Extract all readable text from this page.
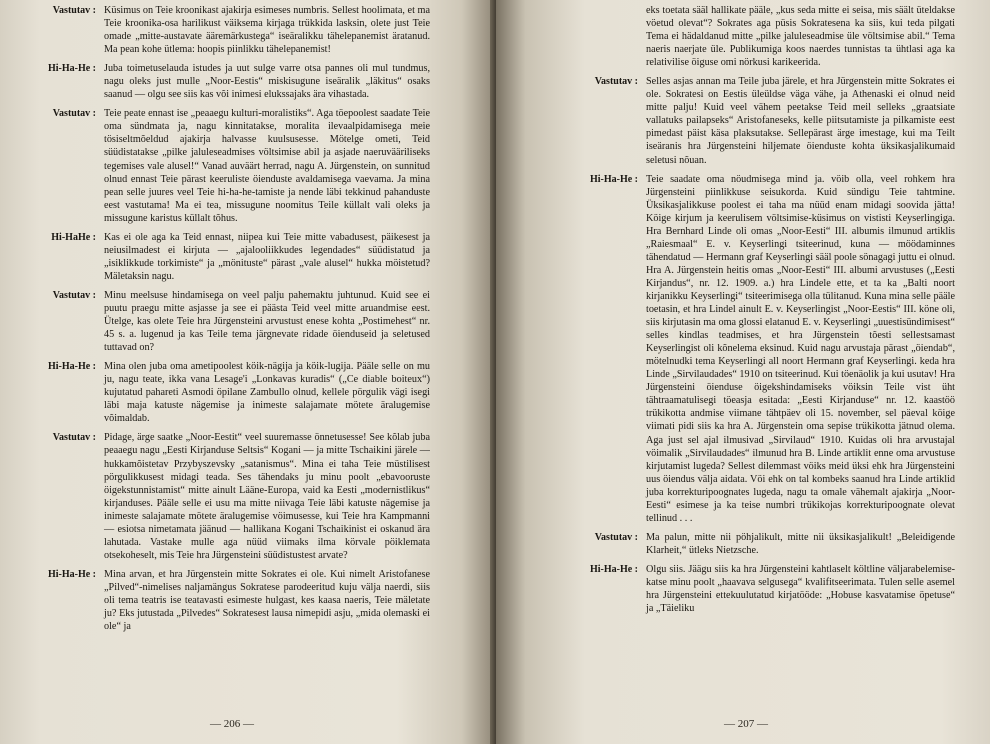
Vastutav : Küsimus on Teie kroonikast ajakirja esimeses numbris. Sellest hoolimata, et ma Teie kroonika-osa harilikust väiksema kirjaga trükkida lasksin, olete just Teie omade „mitte-austavate ääremärkustega“ iseäralikku tähelepanemist äratanud. Ma pean kohe ütlema: hoopis piinlikku tähelepanemist!
Hi-Ha-He : Juba toimetuselauda istudes ja uut sulge varre otsa pannes oli mul tundmus, nagu oleks just mulle „Noor-Eestis“ miskisugune iseäralik „läkitus“ osaks saanud — olgu see siis kas või inimesi elukssajaks ära vihastada.
Vastutav : Teie peate ennast ise „peaaegu kulturi-moralistiks“. Aga töepoolest saadate Teie oma sündmata ja, nagu kinnitatakse, moralita ilevaalpidamisega meie tösiseltmõeldud ajakirja halvasse kuulsusesse. Mötelge ometi, Teid süüdistatakse „pilke jaluleseadmises völtsimise abil ja asjade naeruvääriliseks tegemises vale alusel!“ Vanad auväärt herrad, nagu A. Jürgenstein, on sunnitud olnud ennast Teie pärast keeruliste öienduste avaldamisega vaevama. Ja mina pean selle juures veel Teie hi-ha-he-tamiste ja nende läbi tekkinud pahanduste eest vastutama! Ma ei tea, missugune noomitus Teile küllalt vali oleks ja missugune karistus küllalt tõhus.
Hi-HaHe : Kas ei ole aga ka Teid ennast, niipea kui Teie mitte vabadusest, päikesest ja neiusilmadest ei kirjuta — „ajalooliikkudes legendades“ süüdistatud ja „isiklikkude torkimiste“ ja „mönituste“ pärast „vale alusel“ hukka möistetud? Mäletaksin nagu.
Vastutav : Minu meelsuse hindamisega on veel palju pahemaktu juhtunud. Kuid see ei puutu praegu mitte asjasse ja see ei päästa Teid veel mitte aruandmise eest. Ütelge, kas olete Teie hra Jürgensteini arvustust enese kohta „Postimehest“ nr. 45 s. a. lugenud ja kas Teile tema järgnevate ridade öienduseid ja seletused tuttavad on?
Hi-Ha-He : Mina olen juba oma ametipoolest köik-nägija ja köik-lugija. Pääle selle on mu ju, nagu teate, ikka vana Lesage'i „Lonkavas kuradis“ („Ce diable boiteux“) kujutatud pahareti Asmodi öpilane Zambullo olnud, kellele pörgulik vägi isegi läbi maja katuste nägemise ja inimeste salajamate mötete äralugemise võimaldab.
Vastutav : Pidage, ärge saatke „Noor-Eestit“ veel suuremasse önnetusesse! See kõlab juba peaaegu nagu „Eesti Kirjanduse Seltsis“ Kogani — ja mitte Tschaikini järele — hukkamõistetav Przybyszevsky „satanismus“. Mina ei taha Teie müstilisest pörgulikkusest midagi teada. Ses tähendaks ju minu poolt „ebavooruste öigekstunnistamist“ mitte ainult Lääne-Europa, vaid ka Eesti „modernistlikus“ kirjanduses. Pääle selle ei usu ma mitte niivaga Teie läbi katuste nägemise ja inimeste salajamate mötete äralugemise vöimusesse, kui Teie hra Kampmanni — esiotsa nimetamata jäänud — hallikana Kogani Tschaikinist ei oskanud ära lahutada. Vastake mulle aga nüüd viimaks ilma körvale pöiklemata otsekoheselt, mis Teie hra Jürgensteini süüdistustest arvate?
Hi-Ha-He : Mina arvan, et hra Jürgenstein mitte Sokrates ei ole. Kui nimelt Aristofanese „Pilved“-nimelises naljamängus Sokratese parodeeritud kuju välja naerdi, siis oli tema teatris ise teatavasti esimeste hulgast, kes kaasa naeris, Teie mäletate ju? Eks jutustada „Pilvedes“ Sokratesest lausa nimepidi asju, „mida olemaski ei ole“ ja
— 206 —
eks toetata sääl hallikate pääle, „kus seda mitte ei seisa, mis säält üteldakse vöetud olevat“? Sokrates aga püsis Sokratesena ka siis, kui teda pilgati Tema ei hädaldanud mitte „pilke jaluleseadmise üle völtsimise abil.“ Tema naeris naerjate üle. Publikumiga koos naerdes tunnistas ta ühtlasi aga ka relativilise öiguse omi nörkusi karikeerida.
Vastutav : Selles asjas annan ma Teile juba järele, et hra Jürgenstein mitte Sokrates ei ole. Sokratesi on Eestis üleüldse väga vähe, ja Athenaski ei olnud neid mitte palju! Kuid veel vähem peetakse Teid meil selleks „graatsiate vallatuks pailapseks“ Aristofaneseks, kelle piitsutamiste ja pilkamiste eest pimedast päist käsa plaksutakse. Sellepärast ärge imestage, kui ma Teilt iseäranis hra Jürgensteini hiljemate öienduste kohta üksikasjalikumaid seletusi nõuan.
Hi-Ha-He : Teie saadate oma nöudmisega mind ja. vöib olla, veel rohkem hra Jürgensteini piinlikkuse seisukorda. Kuid sündigu Teie tahtmine. Üksikasjalikkuse poolest ei taha ma nüüd enam midagi soovida jätta! Köige kirjum ja keerulisem völtsimise-küsimus on vististi Keyserlingiga. Hra Bernhard Linde oli omas „Noor-Eesti“ III. albumis ilmunud artiklis „Raiesmaal“ E. v. Keyserlingi tsiteerinud, kuna — möödaminnes tähendatud — Hermann graf Keyserlingi sääl poole sönagagi juttu ei olnud. Hra A. Jürgenstein heitis omas „Noor-Eesti“ III. albumi arvustuses („Eesti Kirjandus“, nr. 12. 1909. a.) hra Lindele ette, et ta ka „Balti noort kirjanikku Keyserlingi“ tsiteerimisega olla tülitanud. Kuna mina selle pääle toetasin, et hra Lindel ainult E. v. Keyserlingist „Noor-Eestis“ III. köne oli, siis kirjutasin ma oma glossi elatanud E. v. Keyserlingi „uuestisündimisest“ selles kindlas teadmises, et hra Jürgenstein tõesti sellestsamast Keyserlingist oli kõnelema eksinud. Kuid nagu arvustaja pärast „öiendab“, mötelnudki tema Keyserlingi all noort Hermann graf Keyserlingi. keda hra Linde „Sirvilaudades“ 1910 on tsiteerinud. Kui töenäolik ja kui usutav! Hra Jürgensteini öienduse öigekshindamiseks vöiksin Teile vist üht tähtraamatulisegi töeasja esitada: „Eesti Kirjanduse“ nr. 12. kaastöö trükikotta andmise viimane tähtpäev oli 15. november, sel päeval köige viimati pidi siis ka hra A. Jürgenstein oma sepise trükikotta jätnud olema. Aga just sel ajal ilmusivad „Sirvilaud“ 1910. Kuidas oli hra arvustajal vöimalik „Sirvilaudades“ ilmunud hra B. Linde artiklit enne oma arvustuse kirjutamist lugeda? Sellest dilemmast vöiks meid üksi ehk hra Jürgensteini uus öiendus välja aidata. Vöi ehk on tal kombeks saanud hra Linde artiklid juba korrekturipoognates lugeda, nagu ta omale vähemalt ajakirja „Noor-Eesti“ esimese ja ka teise numbri trükikojas korrekturipoognate olevat tellinud . . .
Vastutav : Ma palun, mitte nii pöhjalikult, mitte nii üksikasjalikult! „Beleidigende Klarheit,“ ütleks Nietzsche.
Hi-Ha-He : Olgu siis. Jäägu siis ka hra Jürgensteini kahtlaselt költline väljarabelemise-katse minu poolt „haavava selgusega“ kvalifitseerimata. Tulen selle asemel hra Jürgensteini ettekuulutatud kirjatööde: „Hobuse kasvatamise öpetuse“ ja „Täieliku
— 207 —
